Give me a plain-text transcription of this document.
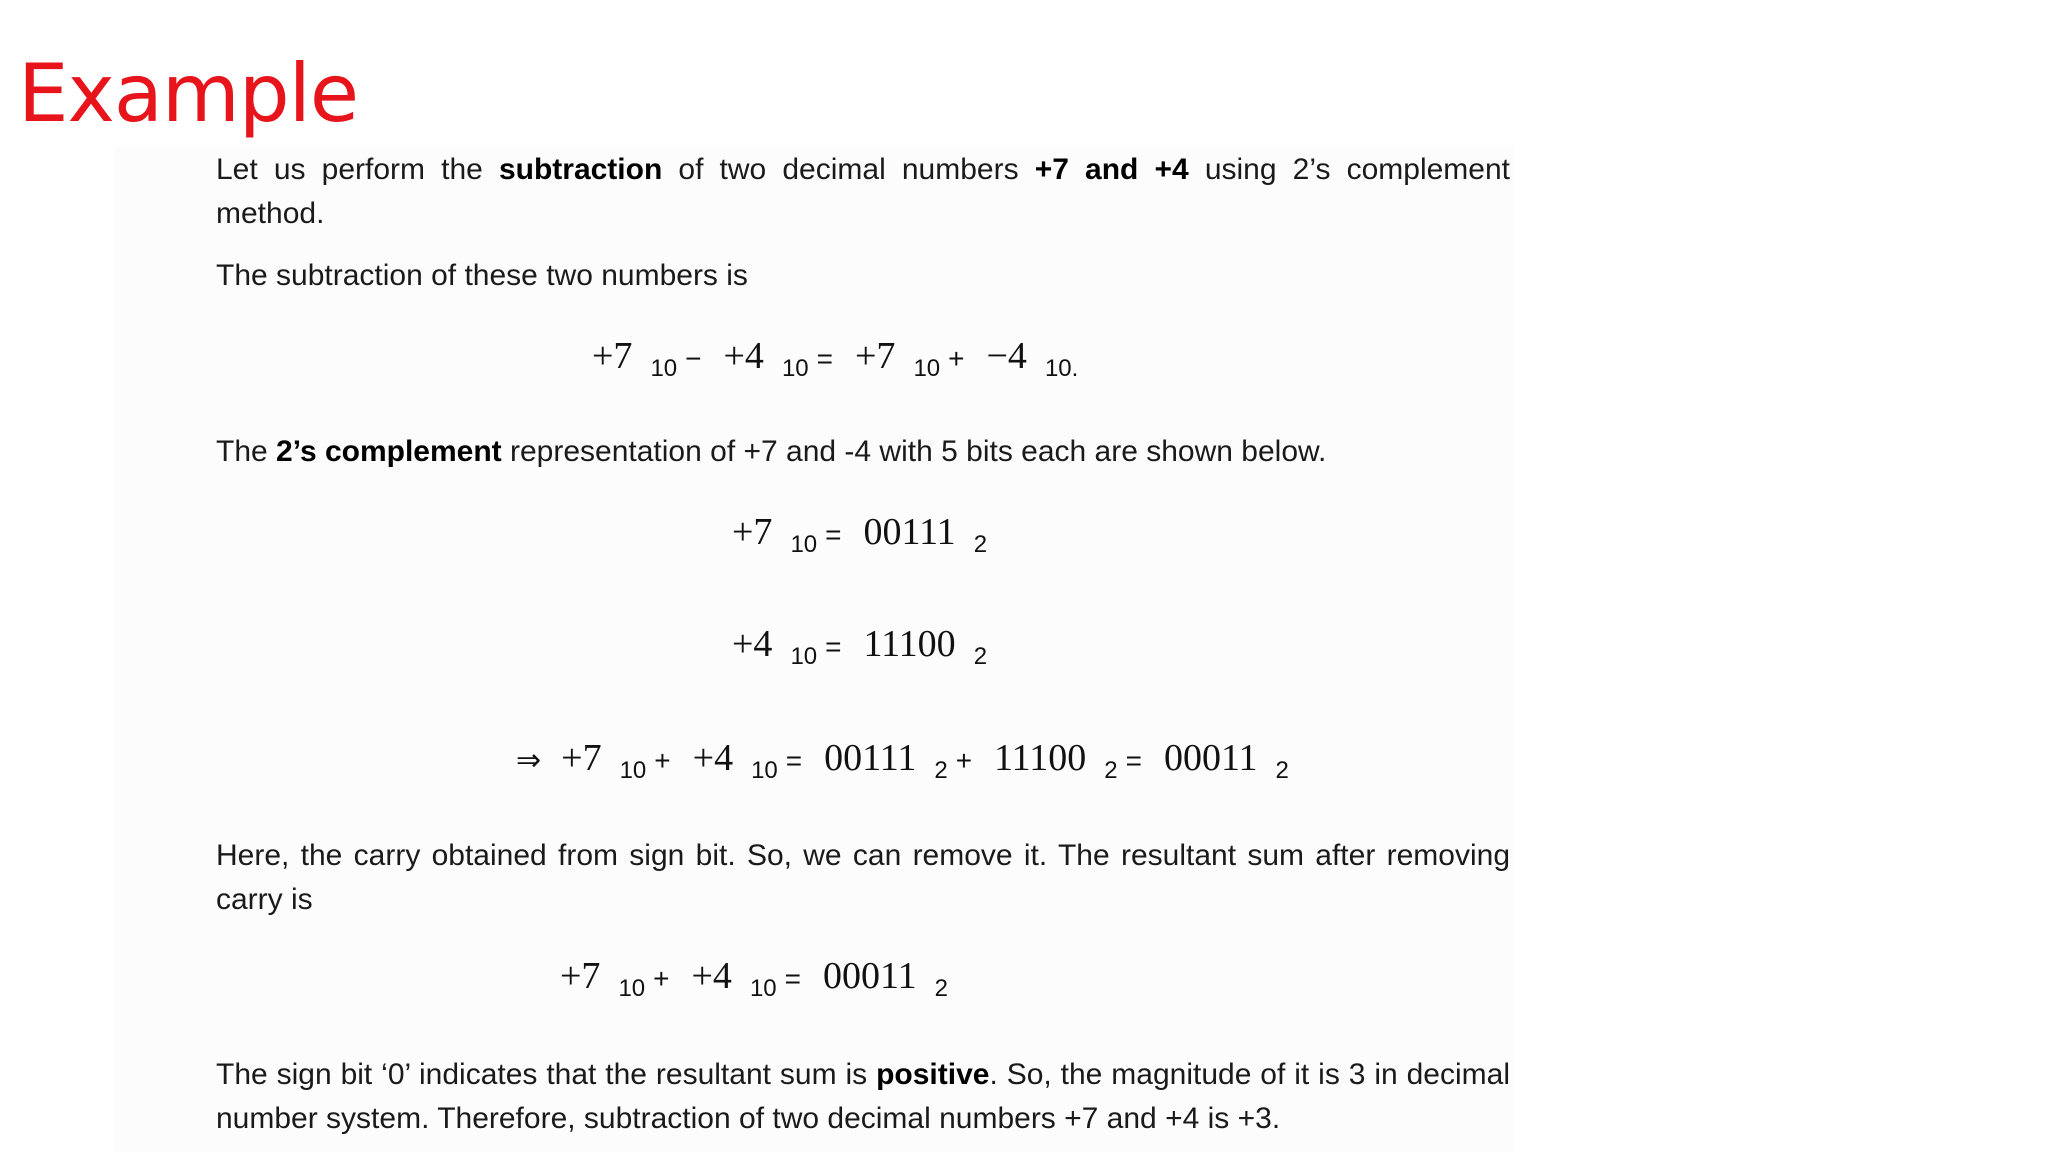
Example

Let us perform the subtraction of two decimal numbers +7 and +4 using 2’s complement method.

The subtraction of these two numbers is

+7 10 − +4 10 = +7 10 + −4 10.

The 2’s complement representation of +7 and -4 with 5 bits each are shown below.

+7 10 = 00111 2
+4 10 = 11100 2
⇒ +7 10 + +4 10 = 00111 2 + 11100 2 = 00011 2

Here, the carry obtained from sign bit. So, we can remove it. The resultant sum after removing carry is

+7 10 + +4 10 = 00011 2

The sign bit ‘0’ indicates that the resultant sum is positive. So, the magnitude of it is 3 in decimal number system. Therefore, subtraction of two decimal numbers +7 and +4 is +3.
